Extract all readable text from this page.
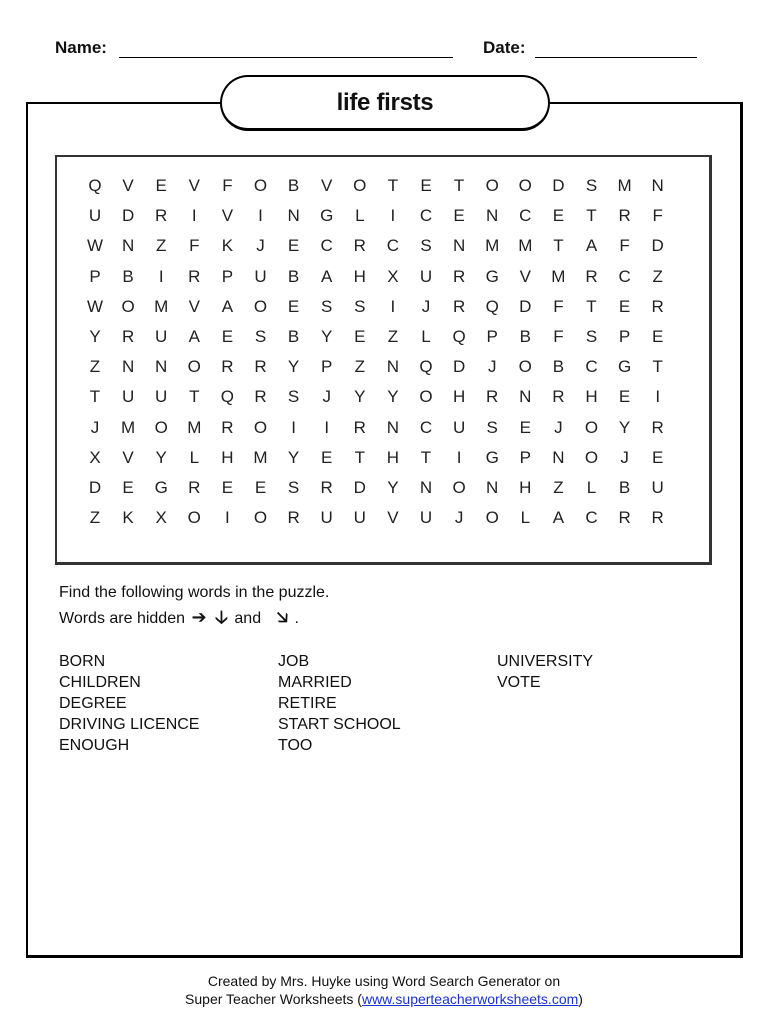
Name:	Date:
life firsts
Q	V	E	V	F	O	B	V	O	T	E	T	O	O	D	S	M	N
U	D	R	I	V	I	N	G	L	I	C	E	N	C	E	T	R	F
W	N	Z	F	K	J	E	C	R	C	S	N	M M	T	A	F	D
P	B	I	R	P	U	B	A	H	X	U	R	G	V	M	R	C	Z
W	O	M	V	A	O	E	S	S	I	J	R	Q	D	F	T	E	R
Y	R	U	A	E	S	B	Y	E	Z	L	Q	P	B	F	S	P	E
Z	N	N	O	R	R	Y	P	Z	N	Q	D	J	O	B	C	G	T
T	U	U	T	Q	R	S	J	Y	Y	O	H	R	N	R	H	E	I
J	M	O	M	R	O	I	I	R	N	C	U	S	E	J	O	Y	R
X	V	Y	L	H	M	Y	E	T	H	T	I	G	P	N	O	J	E
D	E	G	R	E	E	S	R	D	Y	N	O	N	H	Z	L	B	U
Z	K	X	O	I	O	R	U	U	V	U	J	O	L	A	C	R	R
Find the following words in the puzzle.
Words are hidden ➔ 🡣 and 🡦 .
BORN
CHILDREN
DEGREE
DRIVING LICENCE
ENOUGH
JOB
MARRIED
RETIRE
START SCHOOL
TOO
UNIVERSITY
VOTE
Created by Mrs. Huyke using Word Search Generator on
Super Teacher Worksheets (www.superteacherworksheets.com)
